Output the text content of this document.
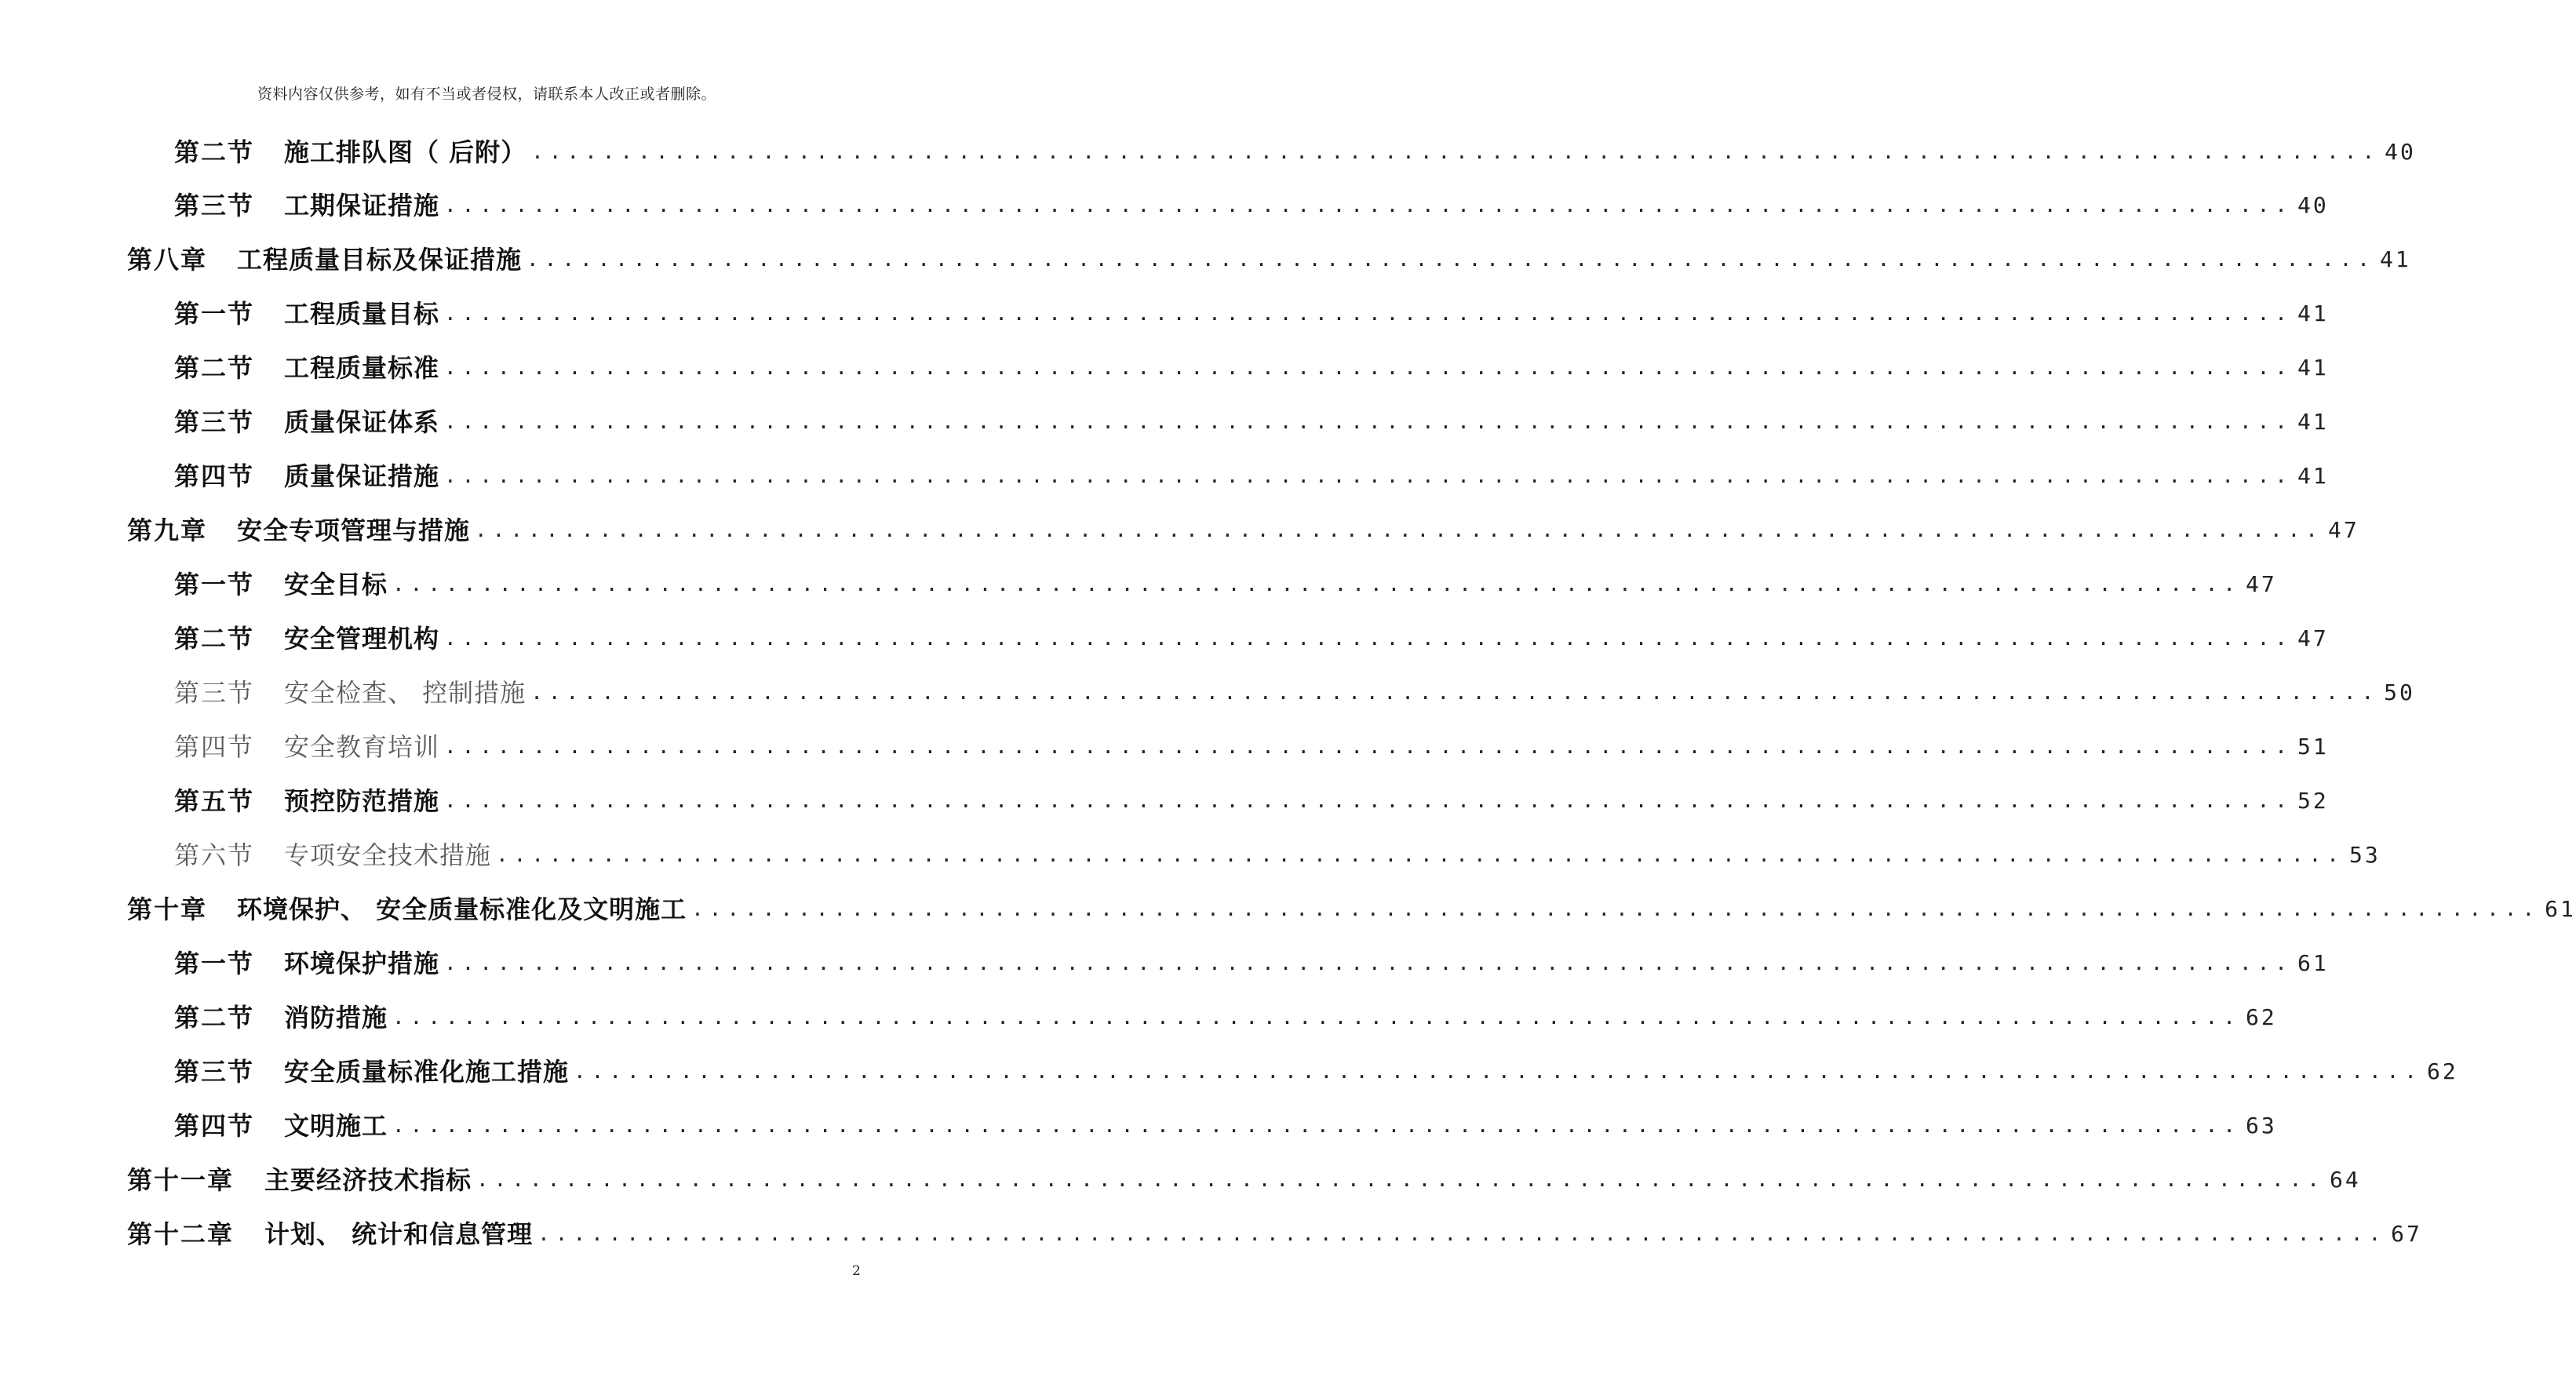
资料内容仅供参考，如有不当或者侵权，请联系本人改正或者删除。
第二节	施工排队图（ 后附） ........................................................................................................ 40
第三节	工期保证措施 ........................................................................................................ 40
第八章	工程质量目标及保证措施 ........................................................................................................ 41
第一节	工程质量目标 ........................................................................................................ 41
第二节	工程质量标准 ........................................................................................................ 41
第三节	质量保证体系 ........................................................................................................ 41
第四节	质量保证措施 ........................................................................................................ 41
第九章	安全专项管理与措施 ........................................................................................................ 47
第一节	安全目标 ........................................................................................................ 47
第二节	安全管理机构 ........................................................................................................ 47
第三节	安全检查、 控制措施 ........................................................................................................ 50
第四节	安全教育培训 ........................................................................................................ 51
第五节	预控防范措施 ........................................................................................................ 52
第六节	专项安全技术措施 ........................................................................................................ 53
第十章	环境保护、 安全质量标准化及文明施工 ........................................................................................................ 61
第一节	环境保护措施 ........................................................................................................ 61
第二节	消防措施 ........................................................................................................ 62
第三节	安全质量标准化施工措施 ........................................................................................................ 62
第四节	文明施工 ........................................................................................................ 63
第十一章	主要经济技术指标 ........................................................................................................ 64
第十二章	计划、 统计和信息管理 ........................................................................................................ 67
2
